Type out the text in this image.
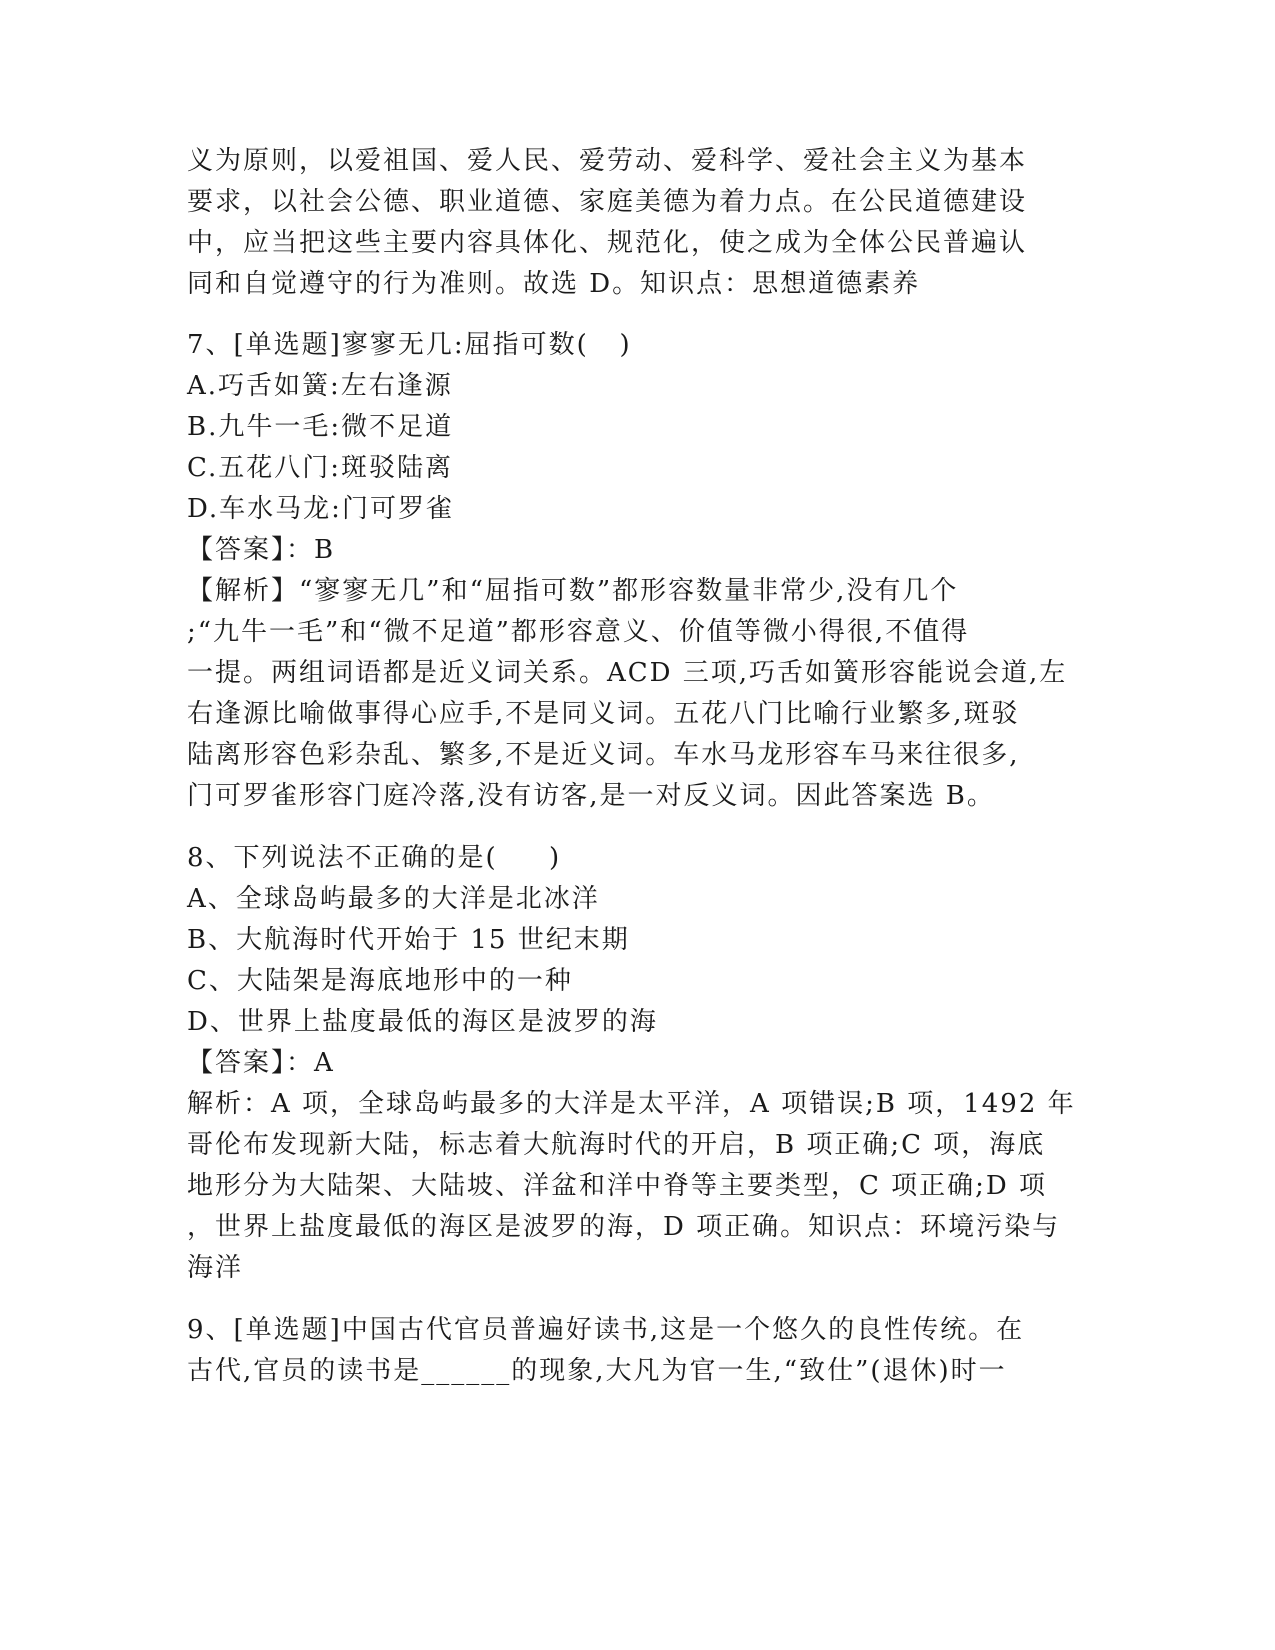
义为原则，以爱祖国、爱人民、爱劳动、爱科学、爱社会主义为基本
要求，以社会公德、职业道德、家庭美德为着力点。在公民道德建设
中，应当把这些主要内容具体化、规范化，使之成为全体公民普遍认
同和自觉遵守的行为准则。故选 D。知识点：思想道德素养
7、[单选题]寥寥无几:屈指可数(   )
A.巧舌如簧:左右逢源
B.九牛一毛:微不足道
C.五花八门:斑驳陆离
D.车水马龙:门可罗雀
【答案】：B
【解析】“寥寥无几”和“屈指可数”都形容数量非常少,没有几个
;“九牛一毛”和“微不足道”都形容意义、价值等微小得很,不值得
一提。两组词语都是近义词关系。ACD 三项,巧舌如簧形容能说会道,左
右逢源比喻做事得心应手,不是同义词。五花八门比喻行业繁多,斑驳
陆离形容色彩杂乱、繁多,不是近义词。车水马龙形容车马来往很多,
门可罗雀形容门庭冷落,没有访客,是一对反义词。因此答案选 B。
8、下列说法不正确的是(     )
A、全球岛屿最多的大洋是北冰洋
B、大航海时代开始于 15 世纪末期
C、大陆架是海底地形中的一种
D、世界上盐度最低的海区是波罗的海
【答案】：A
解析：A 项，全球岛屿最多的大洋是太平洋，A 项错误;B 项，1492 年
哥伦布发现新大陆，标志着大航海时代的开启，B 项正确;C 项，海底
地形分为大陆架、大陆坡、洋盆和洋中脊等主要类型，C 项正确;D 项
，世界上盐度最低的海区是波罗的海，D 项正确。知识点：环境污染与
海洋
9、[单选题]中国古代官员普遍好读书,这是一个悠久的良性传统。在
古代,官员的读书是______的现象,大凡为官一生,“致仕”(退休)时一
